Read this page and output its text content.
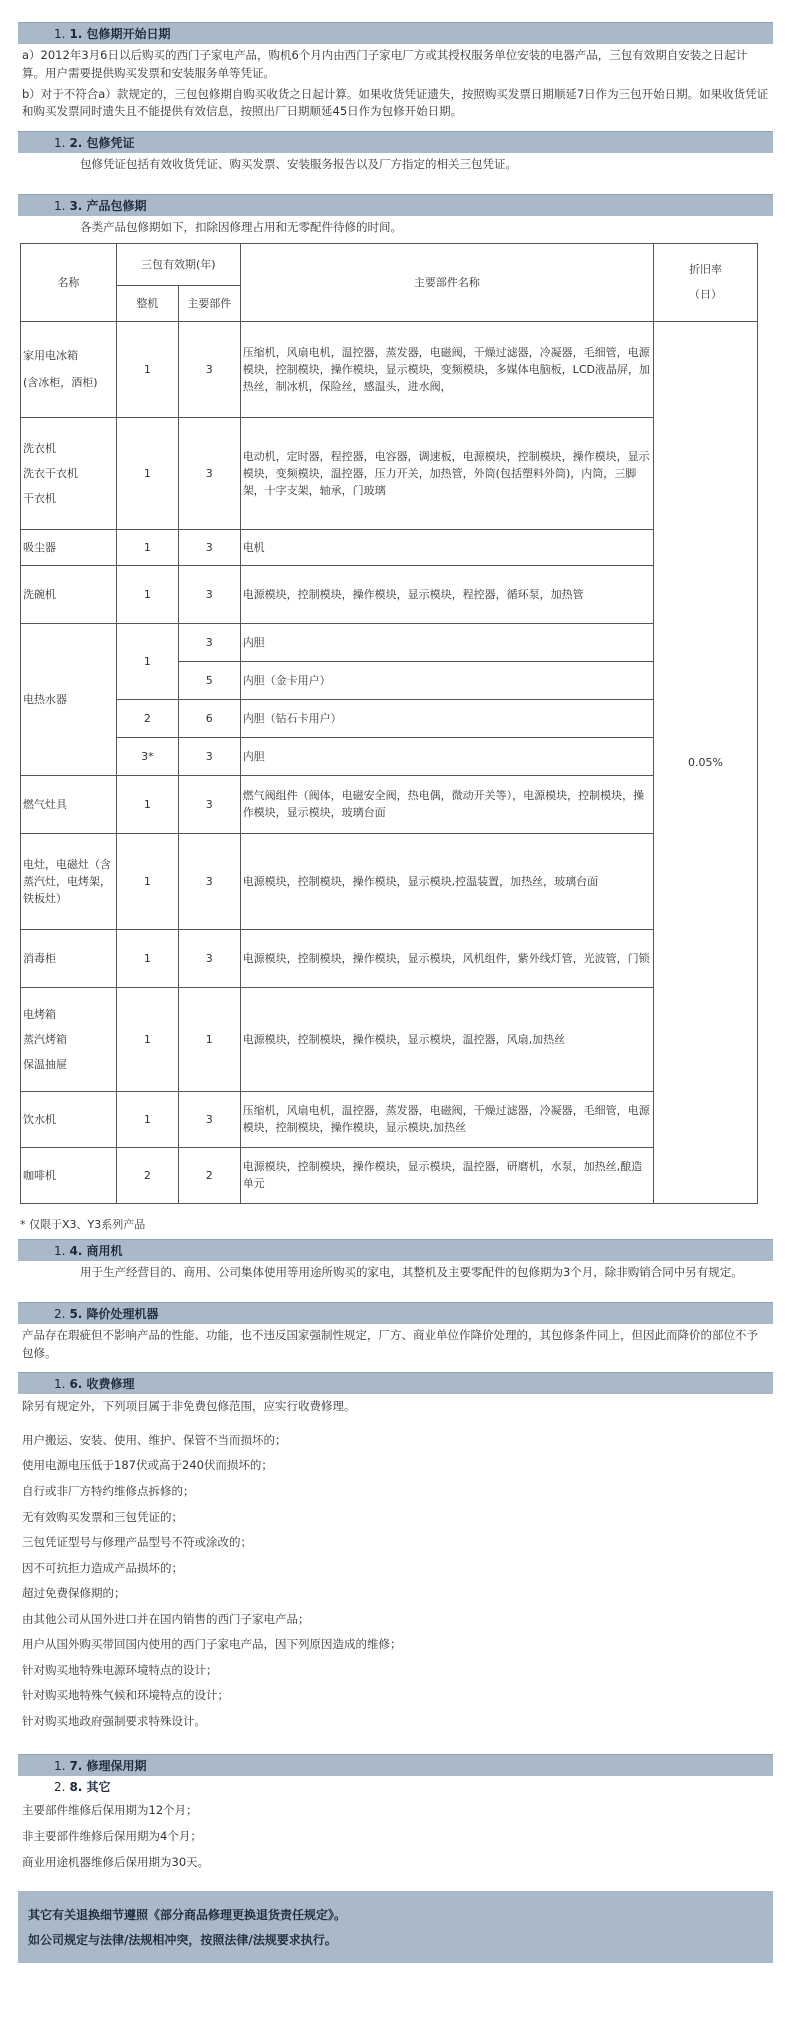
1. 1. 包修期开始日期
a）2012年3月6日以后购买的西门子家电产品，购机6个月内由西门子家电厂方或其授权服务单位安装的电器产品，三包有效期自安装之日起计算。用户需要提供购买发票和安装服务单等凭证。
b）对于不符合a）款规定的，三包包修期自购买收货之日起计算。如果收货凭证遗失，按照购买发票日期顺延7日作为三包开始日期。如果收货凭证和购买发票同时遗失且不能提供有效信息，按照出厂日期顺延45日作为包修开始日期。
1. 2. 包修凭证
包修凭证包括有效收货凭证、购买发票、安装服务报告以及厂方指定的相关三包凭证。
1. 3. 产品包修期
各类产品包修期如下，扣除因修理占用和无零配件待修的时间。
名称	三包有效期(年)		主要部件名称	折旧率
（日）

	整机	主要部件		

家用电冰箱
(含冰柜，酒柜)	1	3	压缩机，风扇电机，温控器，蒸发器，电磁阀，干燥过滤器，冷凝器，毛细管，电源模块，控制模块，操作模块，显示模块，变频模块，多媒体电脑板，LCD液晶屏，加热丝，制冰机，保险丝，感温头，进水阀，	0.05%

洗衣机
洗衣干衣机
干衣机	1	3	电动机，定时器，程控器，电容器，调速板，电源模块，控制模块，操作模块，显示模块，变频模块，温控器，压力开关，加热管，外筒(包括塑料外筒)，内筒，三脚架，十字支架，轴承，门玻璃	
吸尘器	1	3	电机	
洗碗机	1	3	电源模块，控制模块，操作模块，显示模块，程控器，循环泵，加热管	
电热水器	1	3	内胆	
		5	内胆（金卡用户）	
	2	6	内胆（钻石卡用户）	
	3*	3	内胆	
燃气灶具	1	3	燃气阀组件（阀体，电磁安全阀，热电偶，微动开关等），电源模块，控制模块，操作模块，显示模块，玻璃台面	
电灶，电磁灶（含蒸汽灶，电烤架，铁板灶）	1	3	电源模块，控制模块，操作模块，显示模块,控温装置，加热丝，玻璃台面	
消毒柜	1	3	电源模块，控制模块，操作模块，显示模块，风机组件，紫外线灯管，光波管，门锁	

电烤箱
蒸汽烤箱
保温抽屉	1	1	电源模块，控制模块，操作模块，显示模块，温控器，风扇,加热丝	
饮水机	1	3	压缩机，风扇电机，温控器，蒸发器，电磁阀，干燥过滤器，冷凝器，毛细管，电源模块，控制模块，操作模块，显示模块,加热丝	
咖啡机	2	2	电源模块，控制模块，操作模块，显示模块，温控器，研磨机，水泵，加热丝,酿造单元	
* 仅限于X3、Y3系列产品
1. 4. 商用机
用于生产经营目的、商用、公司集体使用等用途所购买的家电，其整机及主要零配件的包修期为3个月，除非购销合同中另有规定。
2. 5. 降价处理机器
产品存在瑕疵但不影响产品的性能、功能，也不违反国家强制性规定，厂方、商业单位作降价处理的，其包修条件同上，但因此而降价的部位不予包修。
1. 6. 收费修理

除另有规定外，下列项目属于非免费包修范围，应实行收费修理。

用户搬运、安装、使用、维护、保管不当而损坏的；

使用电源电压低于187伏或高于240伏而损坏的；

自行或非厂方特约维修点拆修的；

无有效购买发票和三包凭证的；

三包凭证型号与修理产品型号不符或涂改的；

因不可抗拒力造成产品损坏的；

超过免费保修期的；

由其他公司从国外进口并在国内销售的西门子家电产品；

用户从国外购买带回国内使用的西门子家电产品，因下列原因造成的维修；

针对购买地特殊电源环境特点的设计；

针对购买地特殊气候和环境特点的设计；

针对购买地政府强制要求特殊设计。

1. 7. 修理保用期
2. 8. 其它

主要部件维修后保用期为12个月；

非主要部件维修后保用期为4个月；

商业用途机器维修后保用期为30天。

其它有关退换细节遵照《部分商品修理更换退货责任规定》。
如公司规定与法律/法规相冲突，按照法律/法规要求执行。
